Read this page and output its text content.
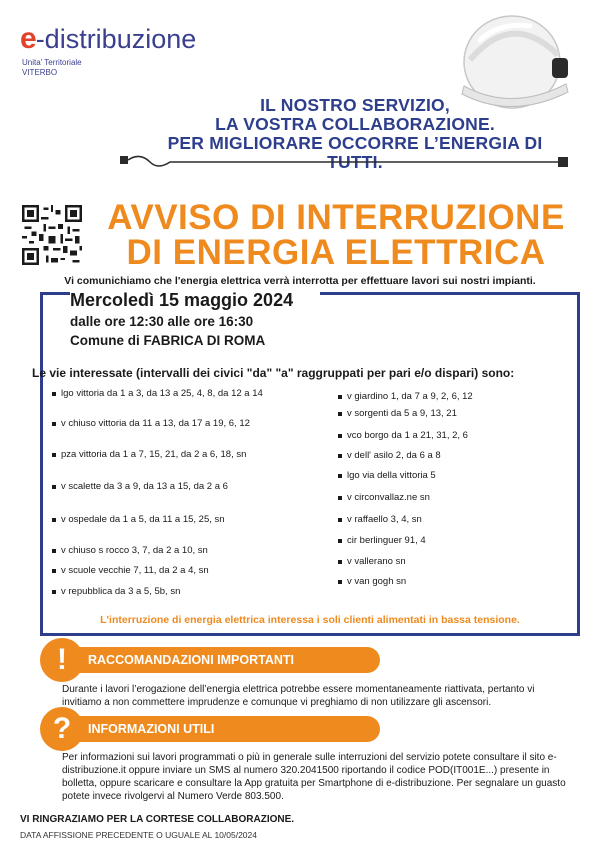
e -distribuzione
Unita' Territoriale
VITERBO
IL NOSTRO SERVIZIO,
LA VOSTRA COLLABORAZIONE.
PER MIGLIORARE OCCORRE L’ENERGIA DI TUTTI.
AVVISO DI INTERRUZIONE
DI ENERGIA ELETTRICA
Vi comunichiamo che l'energia elettrica verrà interrotta per effettuare lavori sui nostri impianti.
Mercoledì 15 maggio 2024
dalle ore 12:30 alle ore 16:30
Comune di FABRICA DI ROMA
Le vie interessate (intervalli dei civici "da" "a" raggruppati per pari e/o dispari) sono:
lgo vittoria da 1 a 3, da 13 a 25, 4, 8, da 12 a 14
v chiuso vittoria da 11 a 13, da 17 a 19, 6, 12
pza vittoria da 1 a 7, 15, 21, da 2 a 6, 18, sn
v scalette da 3 a 9, da 13 a 15, da 2 a 6
v ospedale da 1 a 5, da 11 a 15, 25, sn
v chiuso s rocco 3, 7, da 2 a 10, sn
v scuole vecchie 7, 11, da 2 a 4, sn
v repubblica da 3 a 5, 5b, sn
v giardino 1, da 7 a 9, 2, 6, 12
v sorgenti da 5 a 9, 13, 21
vco borgo da 1 a 21, 31, 2, 6
v dell' asilo 2, da 6 a 8
lgo via della vittoria 5
v circonvallaz.ne sn
v raffaello 3, 4, sn
cir berlinguer 91, 4
v vallerano sn
v van gogh sn
L'interruzione di energia elettrica interessa i soli clienti alimentati in bassa tensione.
RACCOMANDAZIONI IMPORTANTI
!
Durante i lavori l’erogazione dell’energia elettrica potrebbe essere momentaneamente riattivata, pertanto vi invitiamo a non commettere imprudenze e comunque vi preghiamo di non utilizzare gli ascensori.
INFORMAZIONI UTILI
?
Per informazioni sui lavori programmati o più in generale sulle interruzioni del servizio potete consultare il sito e-distribuzione.it oppure inviare un SMS al numero 320.2041500 riportando il codice POD(IT001E...) presente in bolletta, oppure scaricare e consultare la App gratuita per Smartphone di e-distribuzione. Per segnalare un guasto potete invece rivolgervi al Numero Verde 803.500.
VI RINGRAZIAMO PER LA CORTESE COLLABORAZIONE.
DATA AFFISSIONE PRECEDENTE O UGUALE AL 10/05/2024
